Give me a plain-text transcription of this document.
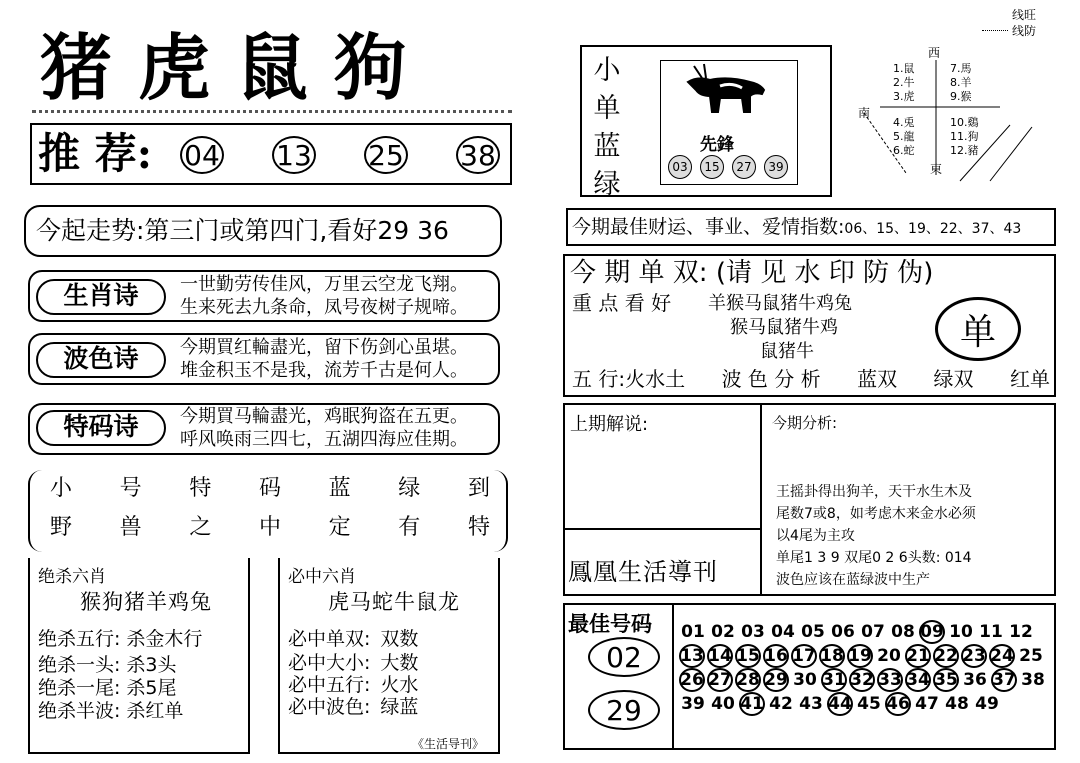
猪虎鼠狗
推 荐: 04 13 25 38
今起走势:第三门或第四门,看好29 36
生肖诗	一世勤劳传佳风，万里云空龙飞翔。
生来死去九条命，凤号夜树子规啼。
波色诗	今期買红輪盡光，留下伤剑心虽堪。
堆金积玉不是我，流芳千古是何人。
特码诗	今期買马輪盡光，鸡眠狗盗在五更。
呼风唤雨三四七，五湖四海应佳期。
小 号 特 码 蓝 绿 到
野 兽 之 中 定 有 特
绝杀六肖
猴狗猪羊鸡兔
绝杀五行: 杀金木行
绝杀一头: 杀3头
绝杀一尾: 杀5尾
绝杀半波: 杀红单
必中六肖
虎马蛇牛鼠龙
必中单双: 双数
必中大小: 大数
必中五行: 火水
必中波色: 绿蓝
《生活导刊》
小
单
蓝
绿
先鋒
03	15	27	39
线旺
线防
西
南
東
1.鼠
2.牛
3.虎
4.兎
5.龍
6.蛇
7.馬
8.羊
9.猴
10.鷄
11.狗
12.豬
今期最佳财运、事业、爱情指数:06、15、19、22、37、43
今 期 单 双: (请 见 水 印 防 伪)
重 点 看 好 羊猴马鼠猪牛鸡兔
猴马鼠猪牛鸡
鼠猪牛	单
五 行:火水土 波 色 分 析 蓝双 绿双 红单
上期解说:
鳳凰生活導刊
今期分析:
王摇卦得出狗羊，天干水生木及
尾数7或8，如考虑木来金水必须
以4尾为主攻
单尾1 3 9 双尾0 2 6头数: 014
波色应该在蓝绿波中生产
最佳号码
02
29
01 02 03 04 05 06 07 08 09 10 11 12
13 14 15 16 17 18 19 20 21 22 23 24 25
26 27 28 29 30 31 32 33 34 35 36 37 38
39 40 41 42 43 44 45 46 47 48 49
